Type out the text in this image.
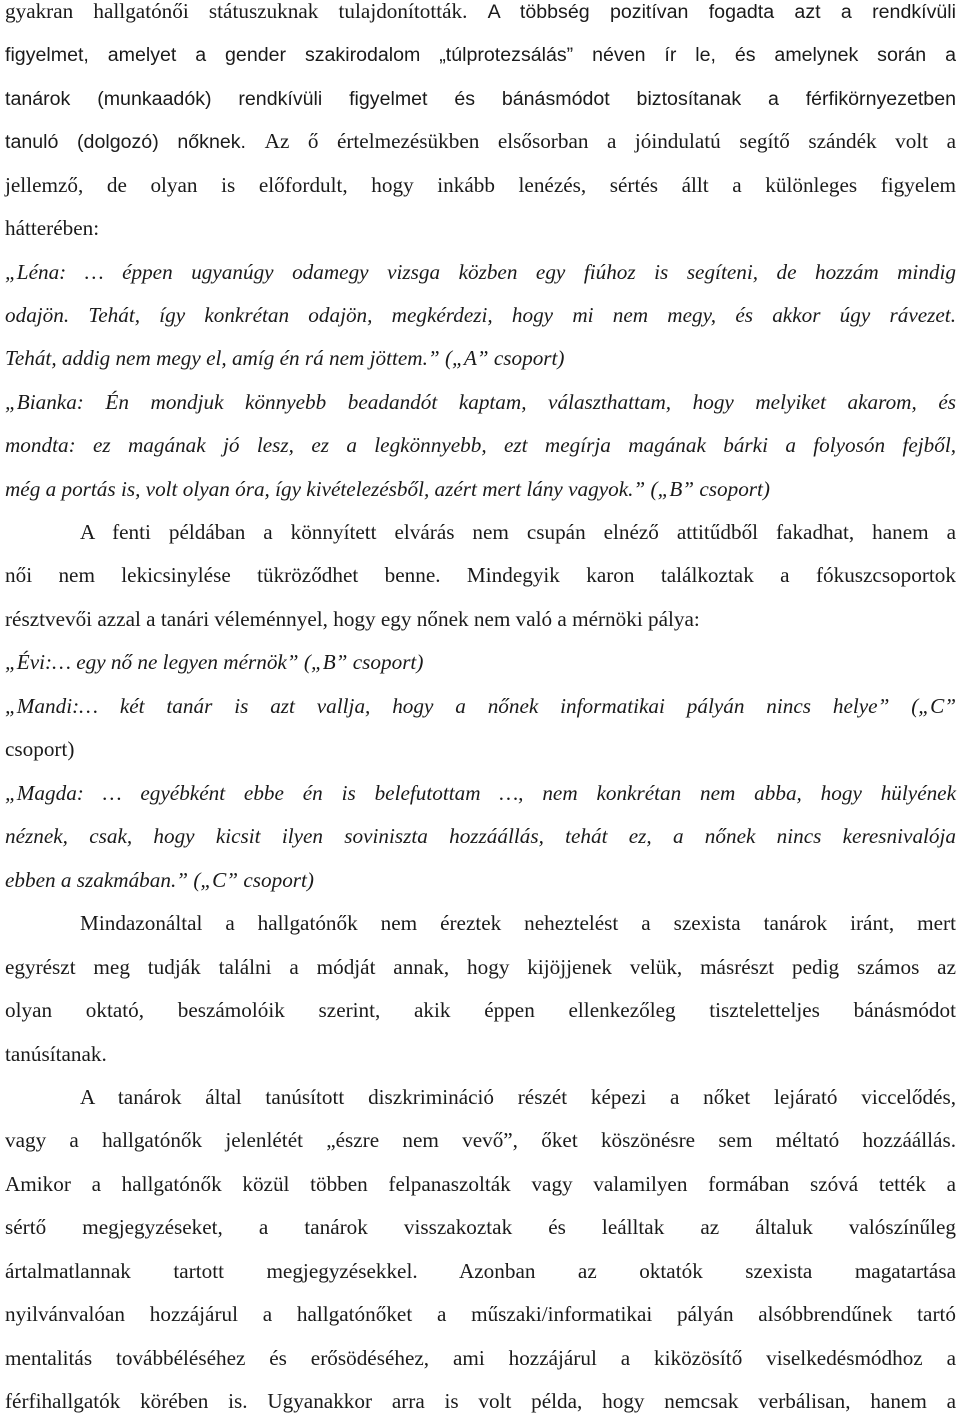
gyakran hallgatónői státuszuknak tulajdonították. A többség pozitívan fogadta azt a rendkívüli
figyelmet, amelyet a gender szakirodalom „túlprotezsálás” néven ír le, és amelynek során a
tanárok (munkaadók) rendkívüli figyelmet és bánásmódot biztosítanak a férfikörnyezetben
tanuló (dolgozó) nőknek. Az ő értelmezésükben elsősorban a jóindulatú segítő szándék volt a
jellemző, de olyan is előfordult, hogy inkább lenézés, sértés állt a különleges figyelem
hátterében:
„Léna: … éppen ugyanúgy odamegy vizsga közben egy fiúhoz is segíteni, de hozzám mindig
odajön. Tehát, így konkrétan odajön, megkérdezi, hogy mi nem megy, és akkor úgy rávezet.
Tehát, addig nem megy el, amíg én rá nem jöttem.” („A” csoport)
„Bianka: Én mondjuk könnyebb beadandót kaptam, választhattam, hogy melyiket akarom, és
mondta: ez magának jó lesz, ez a legkönnyebb, ezt megírja magának bárki a folyosón fejből,
még a portás is, volt olyan óra, így kivételezésből, azért mert lány vagyok.” („B” csoport)
A fenti példában a könnyített elvárás nem csupán elnéző attitűdből fakadhat, hanem a
női nem lekicsinylése tükröződhet benne. Mindegyik karon találkoztak a fókuszcsoportok
résztvevői azzal a tanári véleménnyel, hogy egy nőnek nem való a mérnöki pálya:
„Évi:… egy nő ne legyen mérnök” („B” csoport)
„Mandi:… két tanár is azt vallja, hogy a nőnek informatikai pályán nincs helye” („C”
csoport)
„Magda: … egyébként ebbe én is belefutottam …, nem konkrétan nem abba, hogy hülyének
néznek, csak, hogy kicsit ilyen soviniszta hozzáállás, tehát ez, a nőnek nincs keresnivalója
ebben a szakmában.” („C” csoport)
Mindazonáltal a hallgatónők nem éreztek neheztelést a szexista tanárok iránt, mert
egyrészt meg tudják találni a módját annak, hogy kijöjjenek velük, másrészt pedig számos az
olyan oktató, beszámolóik szerint, akik éppen ellenkezőleg tiszteletteljes bánásmódot
tanúsítanak.
A tanárok által tanúsított diszkrimináció részét képezi a nőket lejárató viccelődés,
vagy a hallgatónők jelenlétét „észre nem vevő”, őket köszönésre sem méltató hozzáállás.
Amikor a hallgatónők közül többen felpanaszolták vagy valamilyen formában szóvá tették a
sértő megjegyzéseket, a tanárok visszakoztak és leálltak az általuk valószínűleg
ártalmatlannak tartott megjegyzésekkel. Azonban az oktatók szexista magatartása
nyilvánvalóan hozzájárul a hallgatónőket a műszaki/informatikai pályán alsóbbrendűnek tartó
mentalitás továbbéléséhez és erősödéséhez, ami hozzájárul a kiközösítő viselkedésmódhoz a
férfihallgatók körében is. Ugyanakkor arra is volt példa, hogy nemcsak verbálisan, hanem a
